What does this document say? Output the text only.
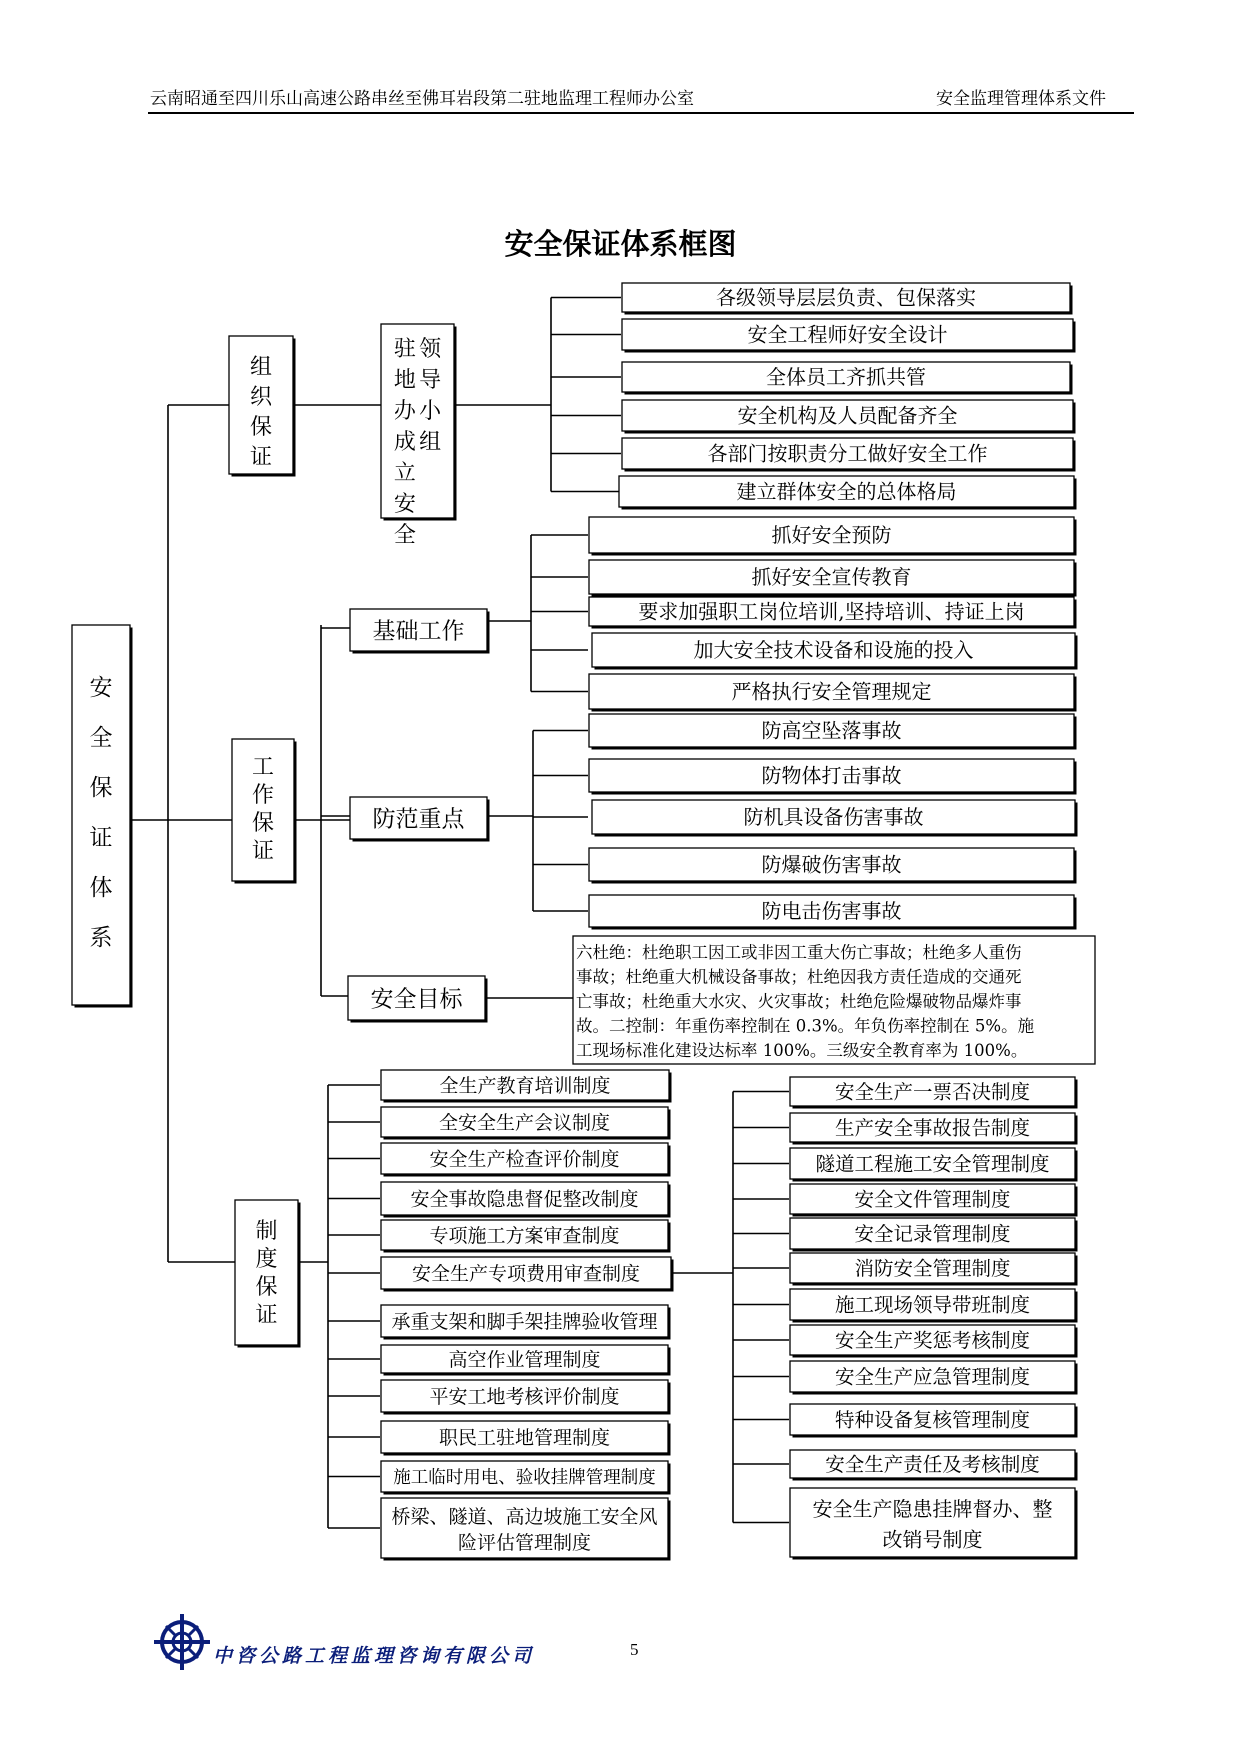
云南昭通至四川乐山高速公路串丝至佛耳岩段第二驻地监理工程师办公室	安全监理管理体系文件
安全保证体系框图
安
全
保
证
体
系
组
织
保
证
驻
地
办
成
立
安
全
领
导
小
组
各级领导层层负责、包保落实
安全工程师好安全设计
全体员工齐抓共管
安全机构及人员配备齐全
各部门按职责分工做好安全工作
建立群体安全的总体格局
工
作
保
证
基础工作
抓好安全预防
抓好安全宣传教育
要求加强职工岗位培训,坚持培训、持证上岗
加大安全技术设备和设施的投入
严格执行安全管理规定
防范重点
防高空坠落事故
防物体打击事故
防机具设备伤害事故
防爆破伤害事故
防电击伤害事故
安全目标
六杜绝：杜绝职工因工或非因工重大伤亡事故；杜绝多人重伤
事故；杜绝重大机械设备事故；杜绝因我方责任造成的交通死
亡事故；杜绝重大水灾、火灾事故；杜绝危险爆破物品爆炸事
故。二控制：年重伤率控制在 0.3%。年负伤率控制在 5%。施
工现场标准化建设达标率 100%。三级安全教育率为 100%。
制
度
保
证
全生产教育培训制度
全安全生产会议制度
安全生产检查评价制度
安全事故隐患督促整改制度
专项施工方案审查制度
安全生产专项费用审查制度
承重支架和脚手架挂牌验收管理
高空作业管理制度
平安工地考核评价制度
职民工驻地管理制度
施工临时用电、验收挂牌管理制度
桥梁、隧道、高边坡施工安全风
险评估管理制度
安全生产一票否决制度
生产安全事故报告制度
隧道工程施工安全管理制度
安全文件管理制度
安全记录管理制度
消防安全管理制度
施工现场领导带班制度
安全生产奖惩考核制度
安全生产应急管理制度
特种设备复核管理制度
安全生产责任及考核制度
安全生产隐患挂牌督办、整
改销号制度
中咨公路工程监理咨询有限公司	5
